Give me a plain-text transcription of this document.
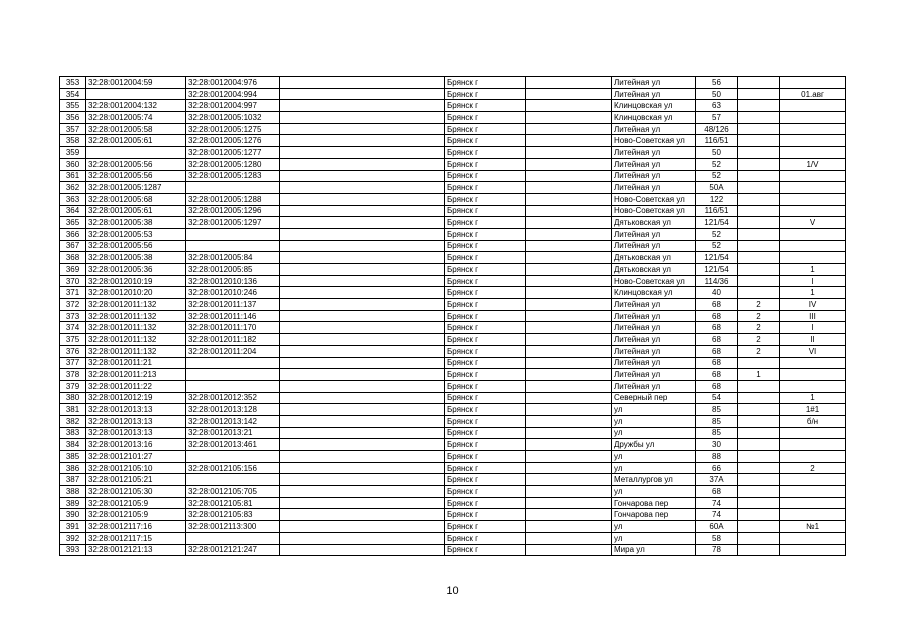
353	32:28:0012004:59	32:28:0012004:976		Брянск г		Литейная ул	56		
354		32:28:0012004:994		Брянск г		Литейная ул	50		01.авг
355	32:28:0012004:132	32:28:0012004:997		Брянск г		Клинцовская ул	63		
356	32:28:0012005:74	32:28:0012005:1032		Брянск г		Клинцовская ул	57		
357	32:28:0012005:58	32:28:0012005:1275		Брянск г		Литейная ул	48/126		
358	32:28:0012005:61	32:28:0012005:1276		Брянск г		Ново-Советская ул	116/51		
359		32:28:0012005:1277		Брянск г		Литейная ул	50		
360	32:28:0012005:56	32:28:0012005:1280		Брянск г		Литейная ул	52		1/V
361	32:28:0012005:56	32:28:0012005:1283		Брянск г		Литейная ул	52		
362	32:28:0012005:1287			Брянск г		Литейная ул	50А		
363	32:28:0012005:68	32:28:0012005:1288		Брянск г		Ново-Советская ул	122		
364	32:28:0012005:61	32:28:0012005:1296		Брянск г		Ново-Советская ул	116/51		
365	32:28:0012005:38	32:28:0012005:1297		Брянск г		Дятьковская ул	121/54		V
366	32:28:0012005:53			Брянск г		Литейная ул	52		
367	32:28:0012005:56			Брянск г		Литейная ул	52		
368	32:28:0012005:38	32:28:0012005:84		Брянск г		Дятьковская ул	121/54		
369	32:28:0012005:36	32:28:0012005:85		Брянск г		Дятьковская ул	121/54		1
370	32:28:0012010:19	32:28:0012010:136		Брянск г		Ново-Советская ул	114/36		I
371	32:28:0012010:20	32:28:0012010:246		Брянск г		Клинцовская ул	40		1
372	32:28:0012011:132	32:28:0012011:137		Брянск г		Литейная ул	68	2	IV
373	32:28:0012011:132	32:28:0012011:146		Брянск г		Литейная ул	68	2	III
374	32:28:0012011:132	32:28:0012011:170		Брянск г		Литейная ул	68	2	I
375	32:28:0012011:132	32:28:0012011:182		Брянск г		Литейная ул	68	2	II
376	32:28:0012011:132	32:28:0012011:204		Брянск г		Литейная ул	68	2	VI
377	32:28:0012011:21			Брянск г		Литейная ул	68		
378	32:28:0012011:213			Брянск г		Литейная ул	68	1	
379	32:28:0012011:22			Брянск г		Литейная ул	68		
380	32:28:0012012:19	32:28:0012012:352		Брянск г		Северный пер	54		1
381	32:28:0012013:13	32:28:0012013:128		Брянск г		ул	85		1#1
382	32:28:0012013:13	32:28:0012013:142		Брянск г		ул	85		б/н
383	32:28:0012013:13	32:28:0012013:21		Брянск г		ул	85		
384	32:28:0012013:16	32:28:0012013:461		Брянск г		Дружбы ул	30		
385	32:28:0012101:27			Брянск г		ул	88		
386	32:28:0012105:10	32:28:0012105:156		Брянск г		ул	66		2
387	32:28:0012105:21			Брянск г		Металлургов ул	37А		
388	32:28:0012105:30	32:28:0012105:705		Брянск г		ул	68		
389	32:28:0012105:9	32:28:0012105:81		Брянск г		Гончарова пер	74		
390	32:28:0012105:9	32:28:0012105:83		Брянск г		Гончарова пер	74		
391	32:28:0012117:16	32:28:0012113:300		Брянск г		ул	60А		№1
392	32:28:0012117:15			Брянск г		ул	58		
393	32:28:0012121:13	32:28:0012121:247		Брянск г		Мира ул	78		
10
